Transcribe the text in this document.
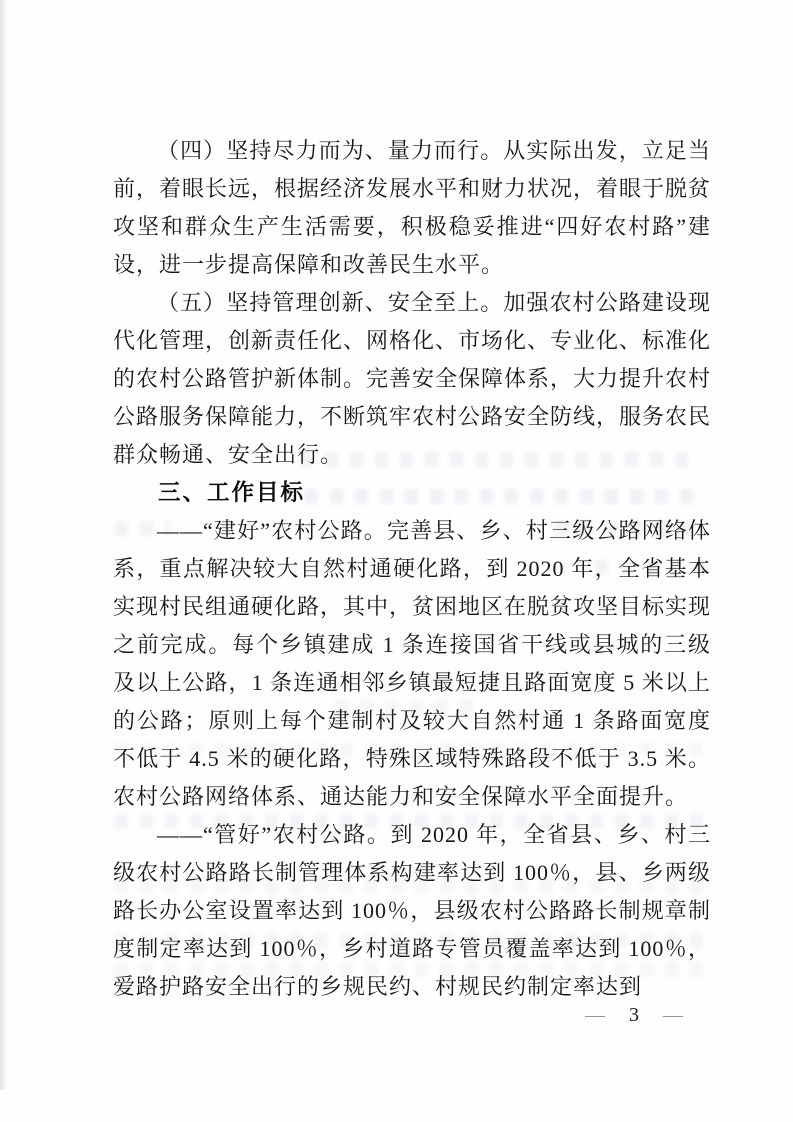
（四）坚持尽力而为、量力而行。从实际出发，立足当前，着眼长远，根据经济发展水平和财力状况，着眼于脱贫攻坚和群众生产生活需要，积极稳妥推进“四好农村路”建设，进一步提高保障和改善民生水平。

（五）坚持管理创新、安全至上。加强农村公路建设现代化管理，创新责任化、网格化、市场化、专业化、标准化的农村公路管护新体制。完善安全保障体系，大力提升农村公路服务保障能力，不断筑牢农村公路安全防线，服务农民群众畅通、安全出行。

三、工作目标

——“建好”农村公路。完善县、乡、村三级公路网络体系，重点解决较大自然村通硬化路，到 2020 年，全省基本实现村民组通硬化路，其中，贫困地区在脱贫攻坚目标实现之前完成。每个乡镇建成 1 条连接国省干线或县城的三级及以上公路，1 条连通相邻乡镇最短捷且路面宽度 5 米以上的公路；原则上每个建制村及较大自然村通 1 条路面宽度不低于 4.5 米的硬化路，特殊区域特殊路段不低于 3.5 米。农村公路网络体系、通达能力和安全保障水平全面提升。

——“管好”农村公路。到 2020 年，全省县、乡、村三级农村公路路长制管理体系构建率达到 100％，县、乡两级路长办公室设置率达到 100％，县级农村公路路长制规章制度制定率达到 100％，乡村道路专管员覆盖率达到 100％，爱路护路安全出行的乡规民约、村规民约制定率达到

— 3 —
